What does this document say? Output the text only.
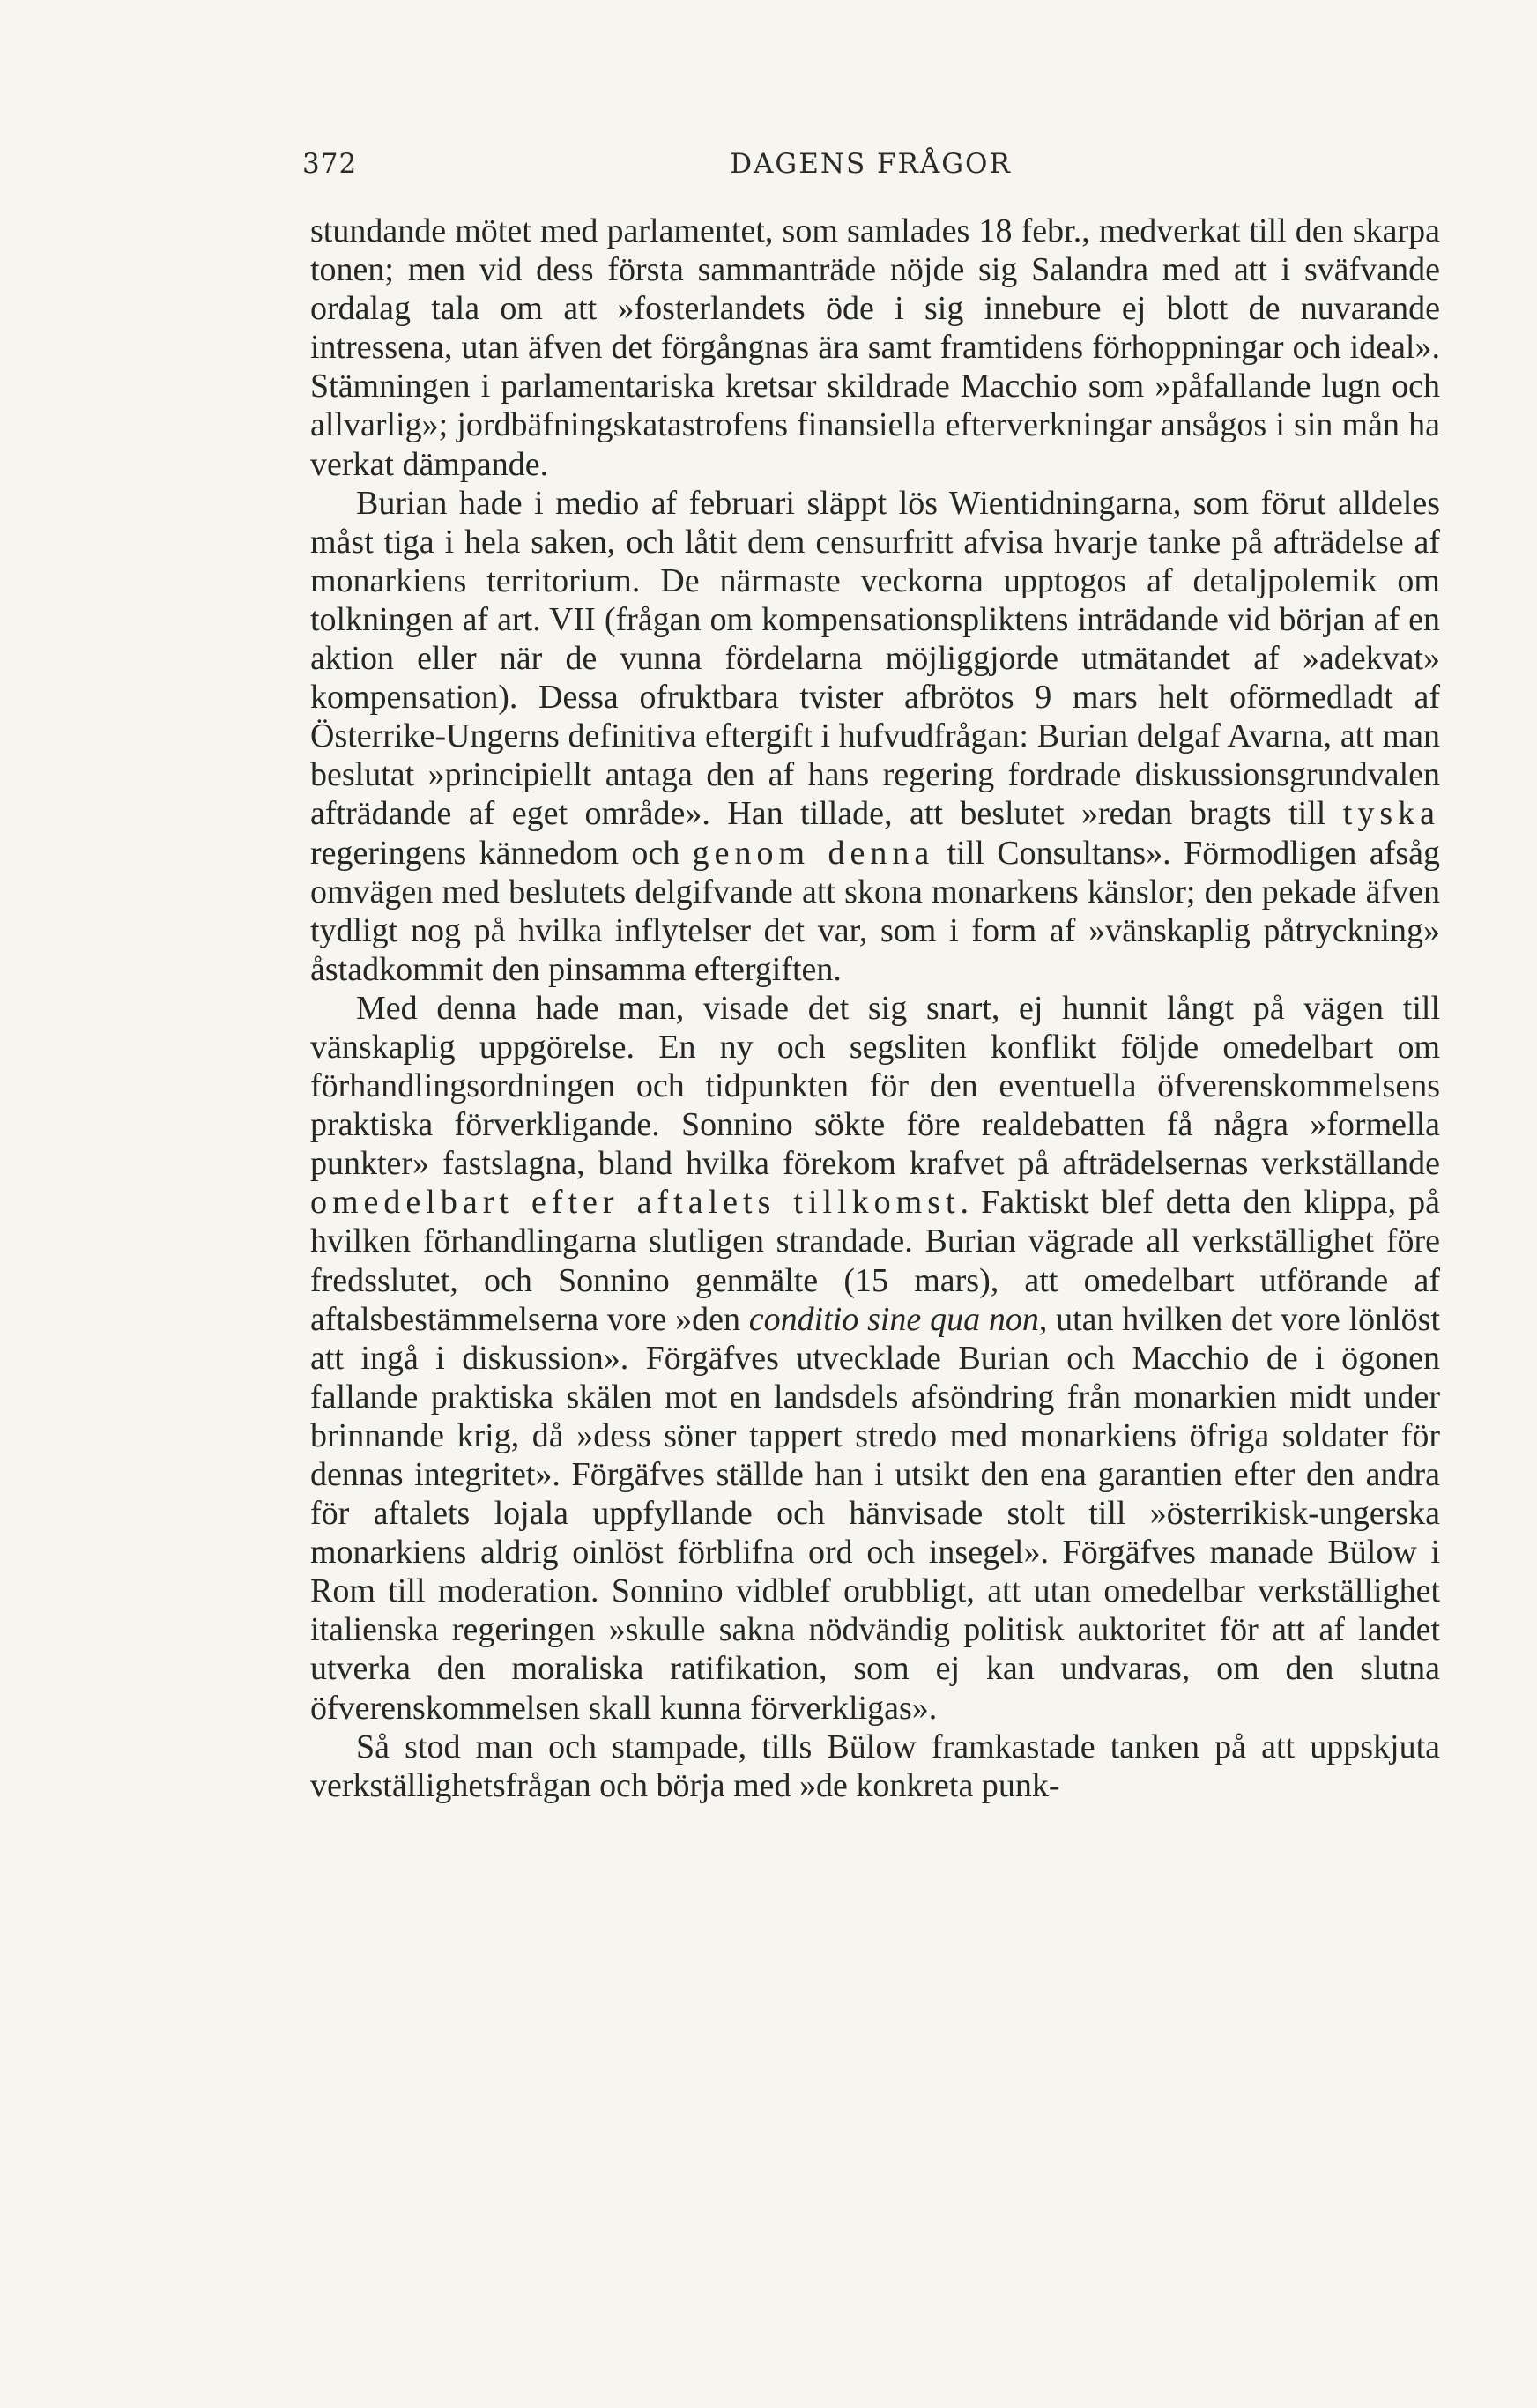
372	DAGENS FRÅGOR

stundande mötet med parlamentet, som samlades 18 febr., medverkat till den skarpa tonen; men vid dess första sammanträde nöjde sig Salandra med att i sväfvande ordalag tala om att »fosterlandets öde i sig innebure ej blott de nuvarande intressena, utan äfven det förgångnas ära samt framtidens förhoppningar och ideal». Stämningen i parlamentariska kretsar skildrade Macchio som »påfallande lugn och allvarlig»; jordbäfningskatastrofens finansiella efterverkningar ansågos i sin mån ha verkat dämpande.

Burian hade i medio af februari släppt lös Wientidningarna, som förut alldeles måst tiga i hela saken, och låtit dem censurfritt afvisa hvarje tanke på afträdelse af monarkiens territorium. De närmaste veckorna upptogos af detaljpolemik om tolkningen af art. VII (frågan om kompensationspliktens inträdande vid början af en aktion eller när de vunna fördelarna möjliggjorde utmätandet af »adekvat» kompensation). Dessa ofruktbara tvister afbrötos 9 mars helt oförmedladt af Österrike-Ungerns definitiva eftergift i hufvudfrågan: Burian delgaf Avarna, att man beslutat »principiellt antaga den af hans regering fordrade diskussionsgrundvalen afträdande af eget område». Han tillade, att beslutet »redan bragts till tyska regeringens kännedom och genom denna till Consultans». Förmodligen afsåg omvägen med beslutets delgifvande att skona monarkens känslor; den pekade äfven tydligt nog på hvilka inflytelser det var, som i form af »vänskaplig påtryckning» åstadkommit den pinsamma eftergiften.

Med denna hade man, visade det sig snart, ej hunnit långt på vägen till vänskaplig uppgörelse. En ny och segsliten konflikt följde omedelbart om förhandlingsordningen och tidpunkten för den eventuella öfverenskommelsens praktiska förverkligande. Sonnino sökte före realdebatten få några »formella punkter» fastslagna, bland hvilka förekom krafvet på afträdelsernas verkställande omedelbart efter aftalets tillkomst. Faktiskt blef detta den klippa, på hvilken förhandlingarna slutligen strandade. Burian vägrade all verkställighet före fredsslutet, och Sonnino genmälte (15 mars), att omedelbart utförande af aftalsbestämmelserna vore »den conditio sine qua non, utan hvilken det vore lönlöst att ingå i diskussion». Förgäfves utvecklade Burian och Macchio de i ögonen fallande praktiska skälen mot en landsdels afsöndring från monarkien midt under brinnande krig, då »dess söner tappert stredo med monarkiens öfriga soldater för dennas integritet». Förgäfves ställde han i utsikt den ena garantien efter den andra för aftalets lojala uppfyllande och hänvisade stolt till »österrikisk-ungerska monarkiens aldrig oinlöst förblifna ord och insegel». Förgäfves manade Bülow i Rom till moderation. Sonnino vidblef orubbligt, att utan omedelbar verkställighet italienska regeringen »skulle sakna nödvändig politisk auktoritet för att af landet utverka den moraliska ratifikation, som ej kan undvaras, om den slutna öfverenskommelsen skall kunna förverkligas».

Så stod man och stampade, tills Bülow framkastade tanken på att uppskjuta verkställighetsfrågan och börja med »de konkreta punk-
